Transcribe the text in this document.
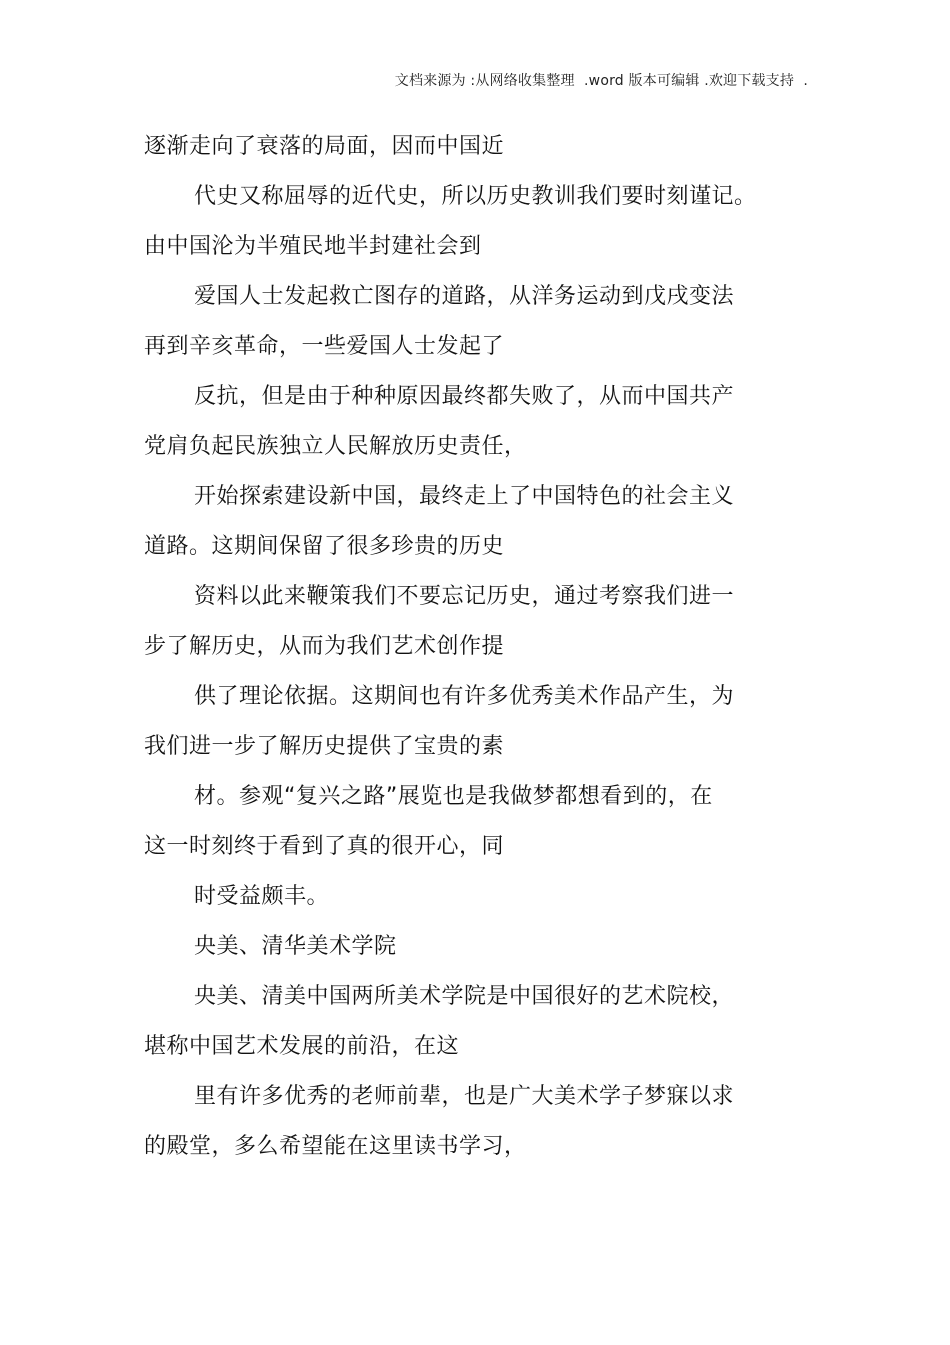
文档来源为 :从网络收集整理  .word 版本可编辑 .欢迎下载支持  .
逐渐走向了衰落的局面，因而中国近
代史又称屈辱的近代史，所以历史教训我们要时刻谨记。
由中国沦为半殖民地半封建社会到
爱国人士发起救亡图存的道路，从洋务运动到戊戌变法
再到辛亥革命，一些爱国人士发起了
反抗，但是由于种种原因最终都失败了，从而中国共产
党肩负起民族独立人民解放历史责任，
开始探索建设新中国，最终走上了中国特色的社会主义
道路。这期间保留了很多珍贵的历史
资料以此来鞭策我们不要忘记历史，通过考察我们进一
步了解历史，从而为我们艺术创作提
供了理论依据。这期间也有许多优秀美术作品产生，为
我们进一步了解历史提供了宝贵的素
材。参观“复兴之路”展览也是我做梦都想看到的，在
这一时刻终于看到了真的很开心，同
时受益颇丰。
央美、清华美术学院
央美、清美中国两所美术学院是中国很好的艺术院校，
堪称中国艺术发展的前沿，在这
里有许多优秀的老师前辈，也是广大美术学子梦寐以求
的殿堂，多么希望能在这里读书学习，
